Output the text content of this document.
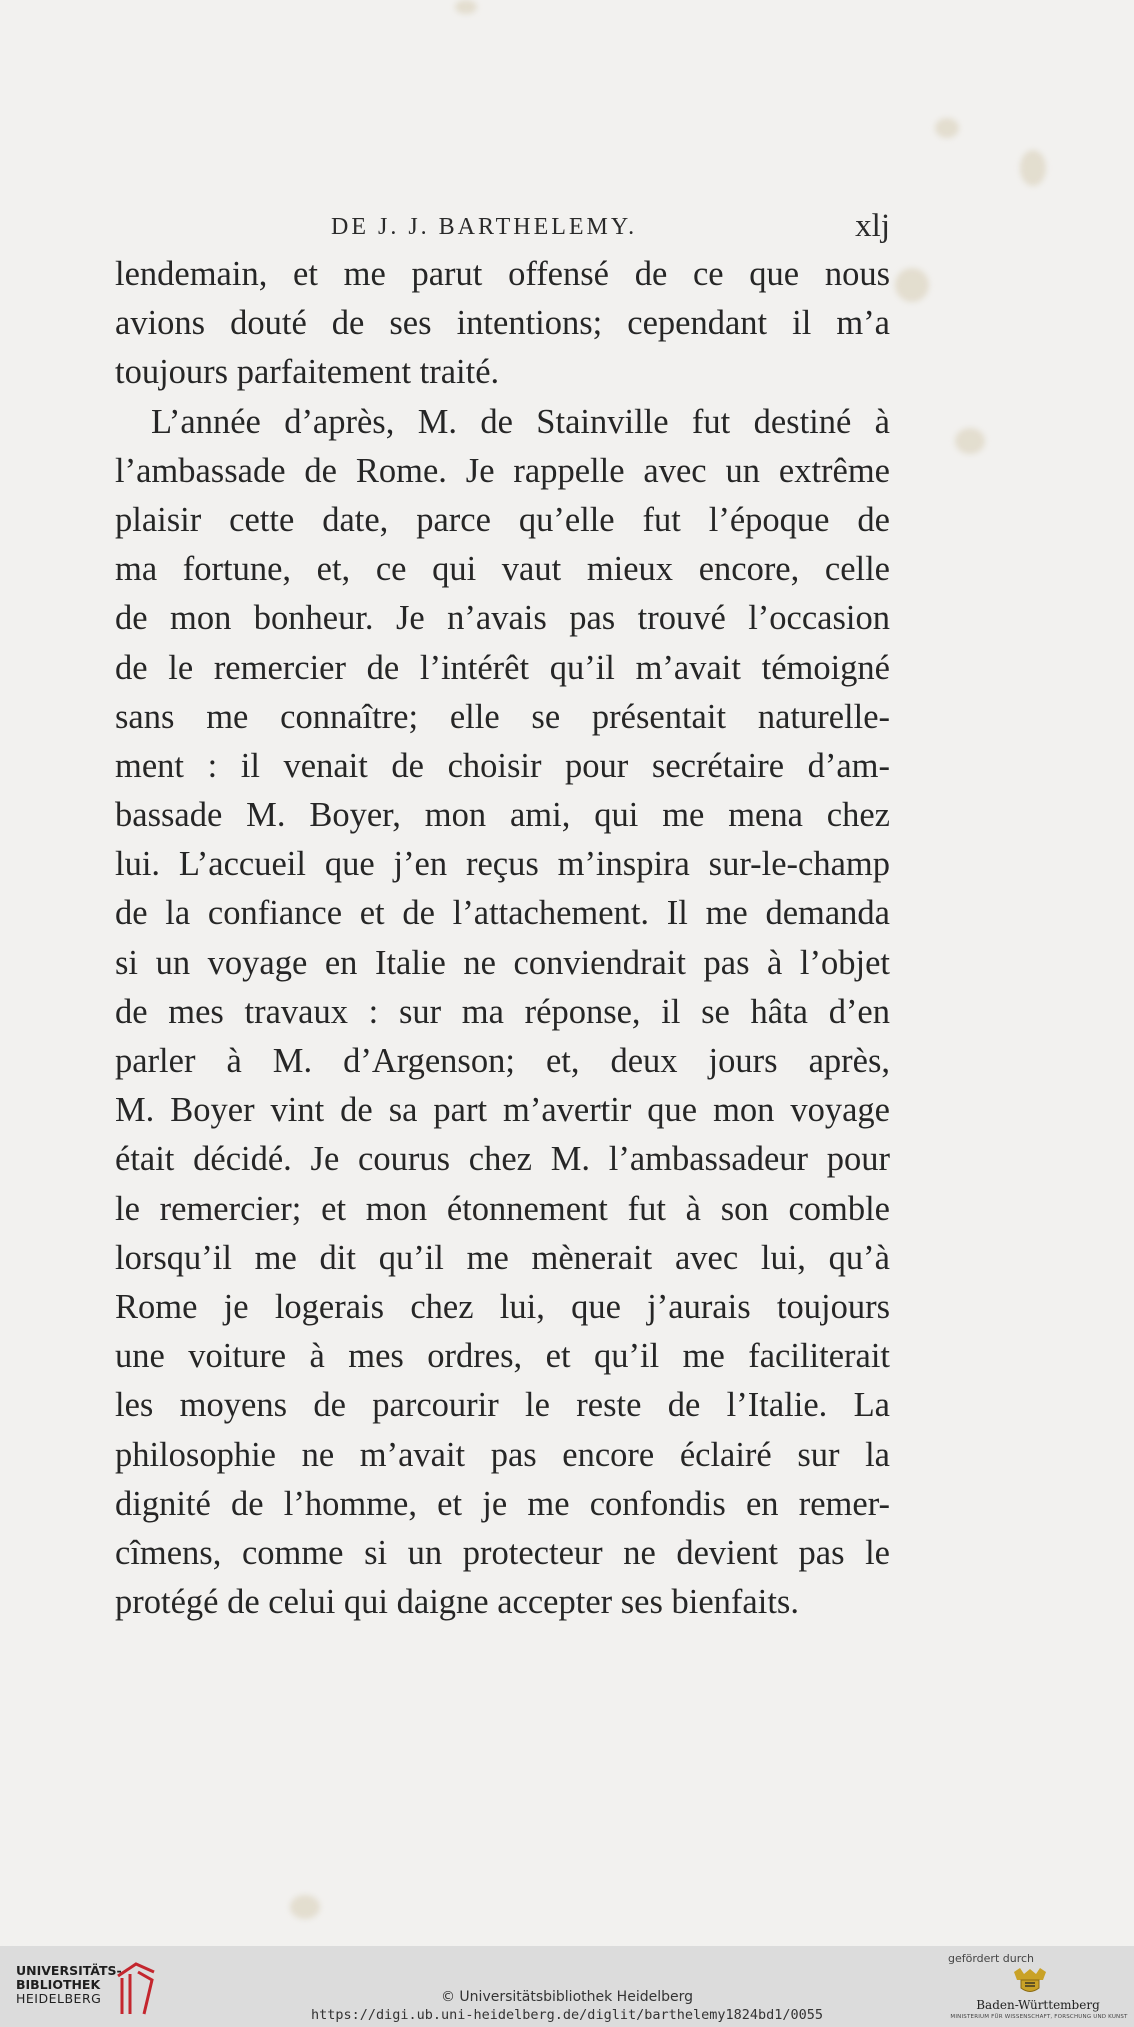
DE J. J. BARTHELEMY.	xlj
lendemain, et me parut offensé de ce que nous
avions douté de ses intentions; cependant il m’a
toujours parfaitement traité.
L’année d’après, M. de Stainville fut destiné à
l’ambassade de Rome. Je rappelle avec un extrême
plaisir cette date, parce qu’elle fut l’époque de
ma fortune, et, ce qui vaut mieux encore, celle
de mon bonheur. Je n’avais pas trouvé l’occasion
de le remercier de l’intérêt qu’il m’avait témoigné
sans me connaître; elle se présentait naturelle-
ment : il venait de choisir pour secrétaire d’am-
bassade M. Boyer, mon ami, qui me mena chez
lui. L’accueil que j’en reçus m’inspira sur-le-champ
de la confiance et de l’attachement. Il me demanda
si un voyage en Italie ne conviendrait pas à l’objet
de mes travaux : sur ma réponse, il se hâta d’en
parler à M. d’Argenson; et, deux jours après,
M. Boyer vint de sa part m’avertir que mon voyage
était décidé. Je courus chez M. l’ambassadeur pour
le remercier; et mon étonnement fut à son comble
lorsqu’il me dit qu’il me mènerait avec lui, qu’à
Rome je logerais chez lui, que j’aurais toujours
une voiture à mes ordres, et qu’il me faciliterait
les moyens de parcourir le reste de l’Italie. La
philosophie ne m’avait pas encore éclairé sur la
dignité de l’homme, et je me confondis en remer-
cîmens, comme si un protecteur ne devient pas le
protégé de celui qui daigne accepter ses bienfaits.
UNIVERSITÄTS-
BIBLIOTHEK
HEIDELBERG	© Universitätsbibliothek Heidelberg
https://digi.ub.uni-heidelberg.de/diglit/barthelemy1824bd1/0055
gefördert durch
Baden-Württemberg
MINISTERIUM FÜR WISSENSCHAFT, FORSCHUNG UND KUNST
